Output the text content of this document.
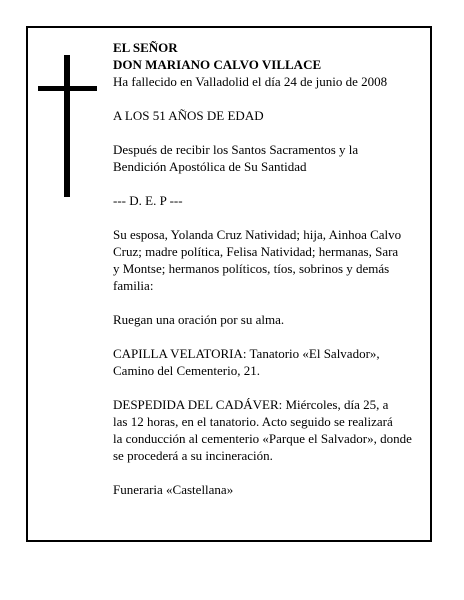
EL SEÑOR
DON MARIANO CALVO VILLACE
Ha fallecido en Valladolid el día 24 de junio de 2008
A LOS 51 AÑOS DE EDAD
Después de recibir los Santos Sacramentos y la
Bendición Apostólica de Su Santidad
--- D. E. P ---
Su esposa, Yolanda Cruz Natividad; hija, Ainhoa Calvo
Cruz; madre política, Felisa Natividad; hermanas, Sara
y Montse; hermanos políticos, tíos, sobrinos y demás
familia:
Ruegan una oración por su alma.
CAPILLA VELATORIA: Tanatorio «El Salvador»,
Camino del Cementerio, 21.
DESPEDIDA DEL CADÁVER: Miércoles, día 25, a
las 12 horas, en el tanatorio. Acto seguido se realizará
la conducción al cementerio «Parque el Salvador», donde
se procederá a su incineración.
Funeraria «Castellana»
